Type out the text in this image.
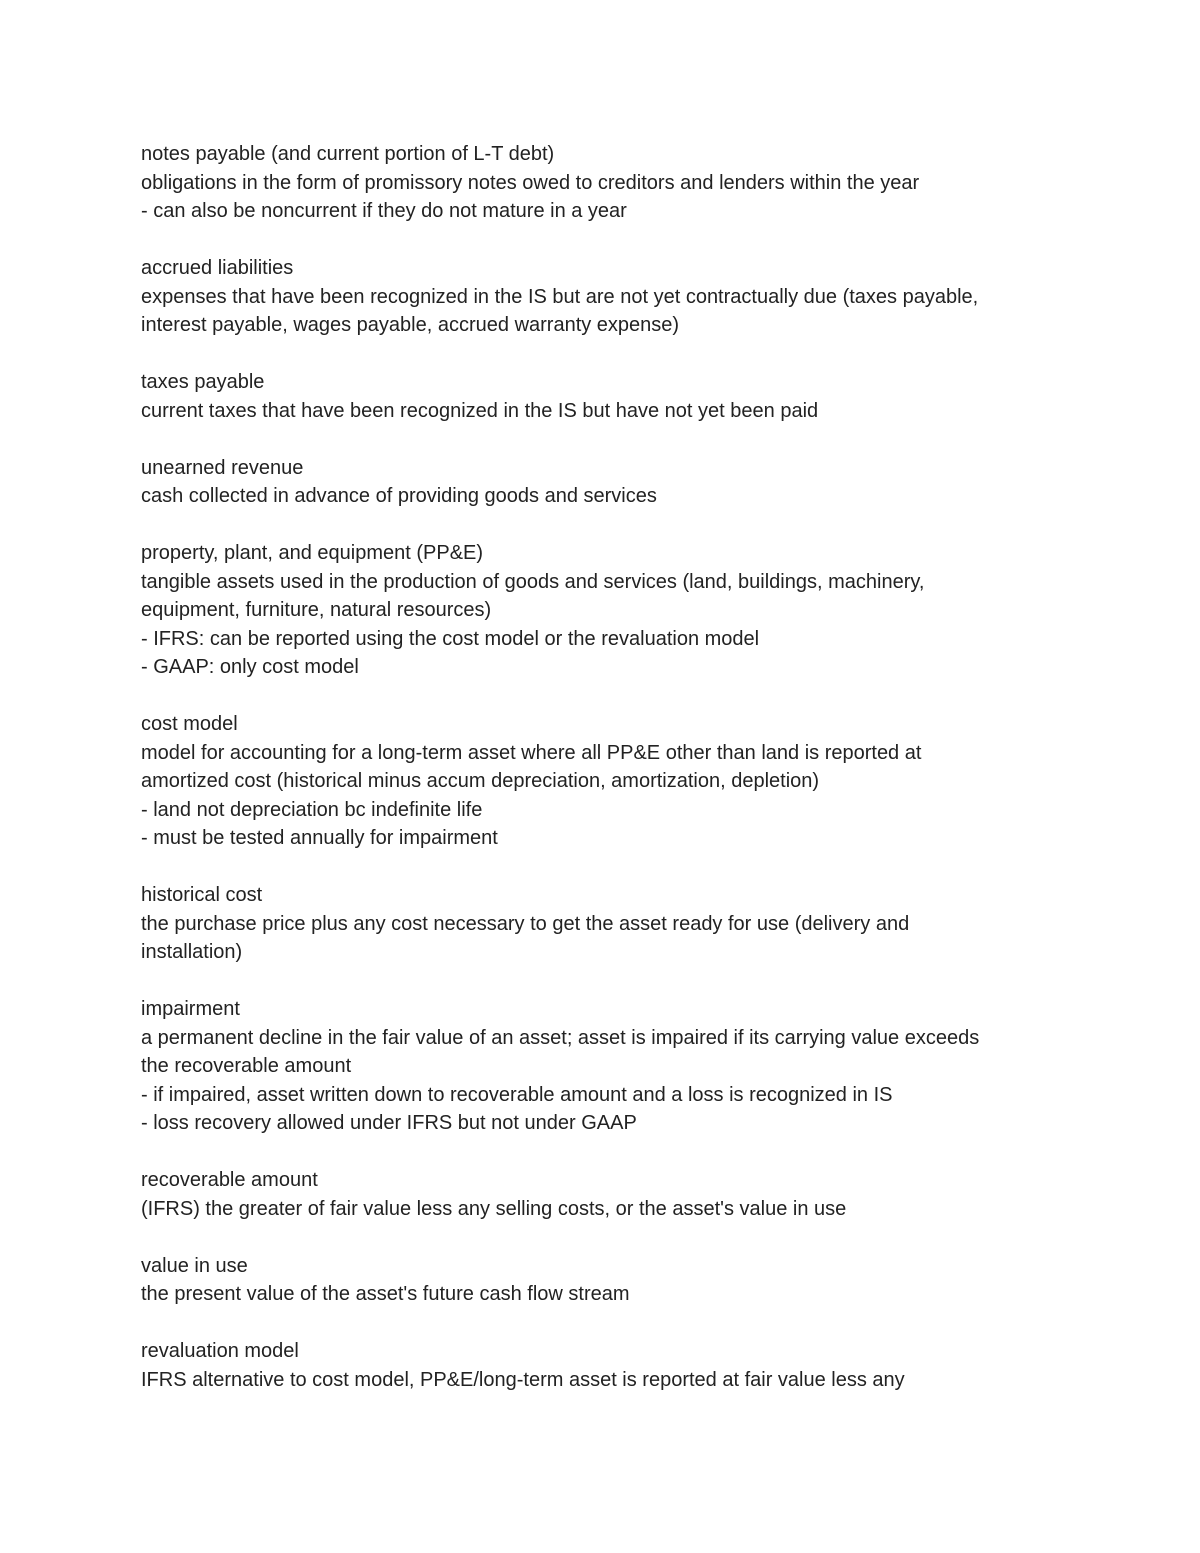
notes payable (and current portion of L-T debt)
obligations in the form of promissory notes owed to creditors and lenders within the year
- can also be noncurrent if they do not mature in a year
accrued liabilities
expenses that have been recognized in the IS but are not yet contractually due (taxes payable,
interest payable, wages payable, accrued warranty expense)
taxes payable
current taxes that have been recognized in the IS but have not yet been paid
unearned revenue
cash collected in advance of providing goods and services
property, plant, and equipment (PP&E)
tangible assets used in the production of goods and services (land, buildings, machinery,
equipment, furniture, natural resources)
- IFRS: can be reported using the cost model or the revaluation model
- GAAP: only cost model
cost model
model for accounting for a long-term asset where all PP&E other than land is reported at
amortized cost (historical minus accum depreciation, amortization, depletion)
- land not depreciation bc indefinite life
- must be tested annually for impairment
historical cost
the purchase price plus any cost necessary to get the asset ready for use (delivery and
installation)
impairment
a permanent decline in the fair value of an asset; asset is impaired if its carrying value exceeds
the recoverable amount
- if impaired, asset written down to recoverable amount and a loss is recognized in IS
- loss recovery allowed under IFRS but not under GAAP
recoverable amount
(IFRS) the greater of fair value less any selling costs, or the asset's value in use
value in use
the present value of the asset's future cash flow stream
revaluation model
IFRS alternative to cost model, PP&E/long-term asset is reported at fair value less any
